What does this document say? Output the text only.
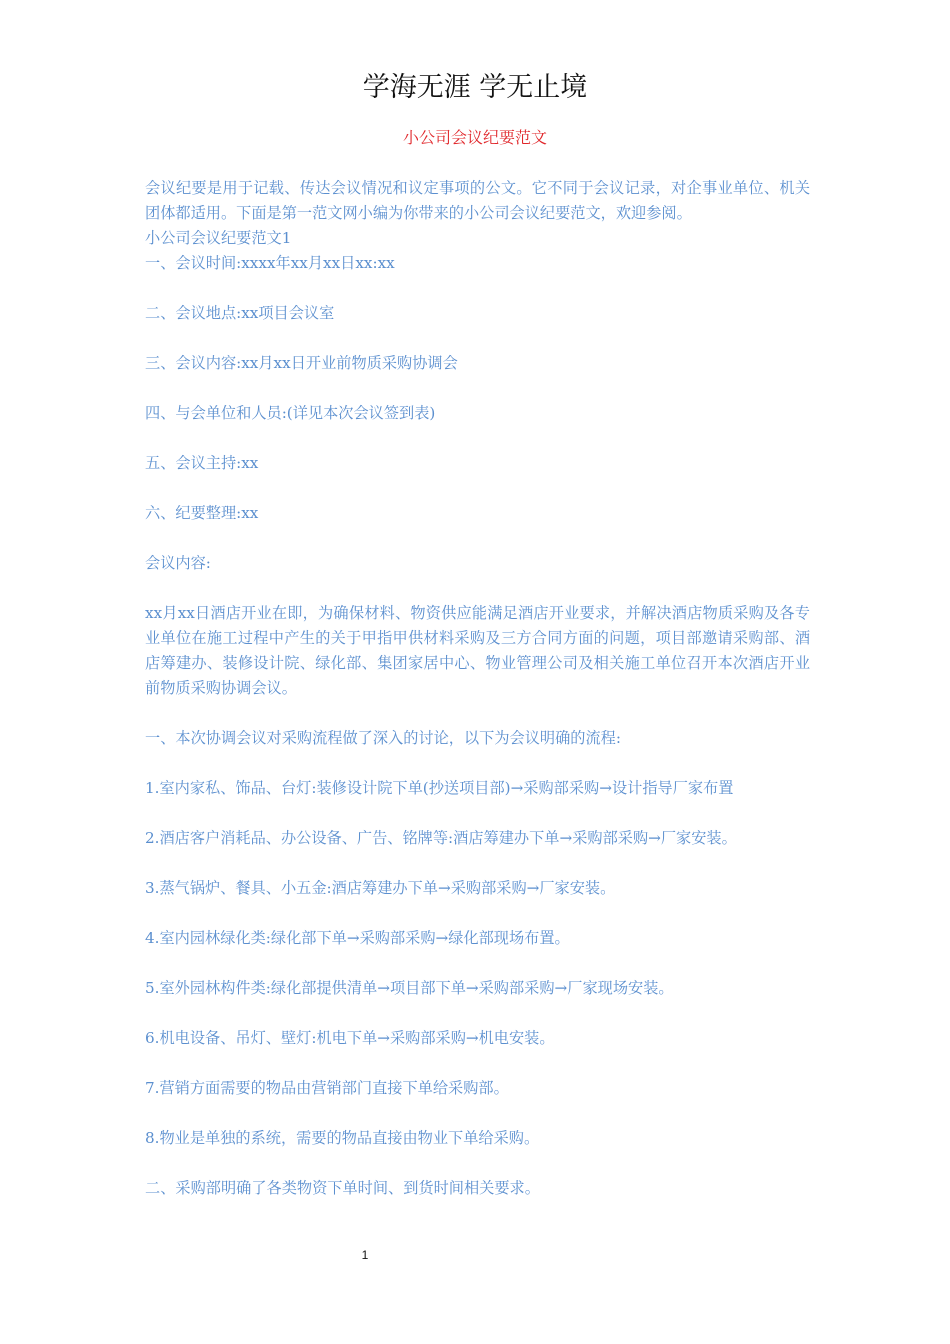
学海无涯 学无止境
小公司会议纪要范文

会议纪要是用于记载、传达会议情况和议定事项的公文。它不同于会议记录，对企事业单位、机关团体都适用。下面是第一范文网小编为你带来的小公司会议纪要范文，欢迎参阅。

小公司会议纪要范文1

一、会议时间:xxxx年xx月xx日xx:xx

二、会议地点:xx项目会议室

三、会议内容:xx月xx日开业前物质采购协调会

四、与会单位和人员:(详见本次会议签到表)

五、会议主持:xx

六、纪要整理:xx

会议内容:

xx月xx日酒店开业在即，为确保材料、物资供应能满足酒店开业要求，并解决酒店物质采购及各专业单位在施工过程中产生的关于甲指甲供材料采购及三方合同方面的问题，项目部邀请采购部、酒店筹建办、装修设计院、绿化部、集团家居中心、物业管理公司及相关施工单位召开本次酒店开业前物质采购协调会议。

一、本次协调会议对采购流程做了深入的讨论，以下为会议明确的流程:

1.室内家私、饰品、台灯:装修设计院下单(抄送项目部)→采购部采购→设计指导厂家布置

2.酒店客户消耗品、办公设备、广告、铭牌等:酒店筹建办下单→采购部采购→厂家安装。

3.蒸气锅炉、餐具、小五金:酒店筹建办下单→采购部采购→厂家安装。

4.室内园林绿化类:绿化部下单→采购部采购→绿化部现场布置。

5.室外园林构件类:绿化部提供清单→项目部下单→采购部采购→厂家现场安装。

6.机电设备、吊灯、壁灯:机电下单→采购部采购→机电安装。

7.营销方面需要的物品由营销部门直接下单给采购部。

8.物业是单独的系统，需要的物品直接由物业下单给采购。

二、采购部明确了各类物资下单时间、到货时间相关要求。

1
